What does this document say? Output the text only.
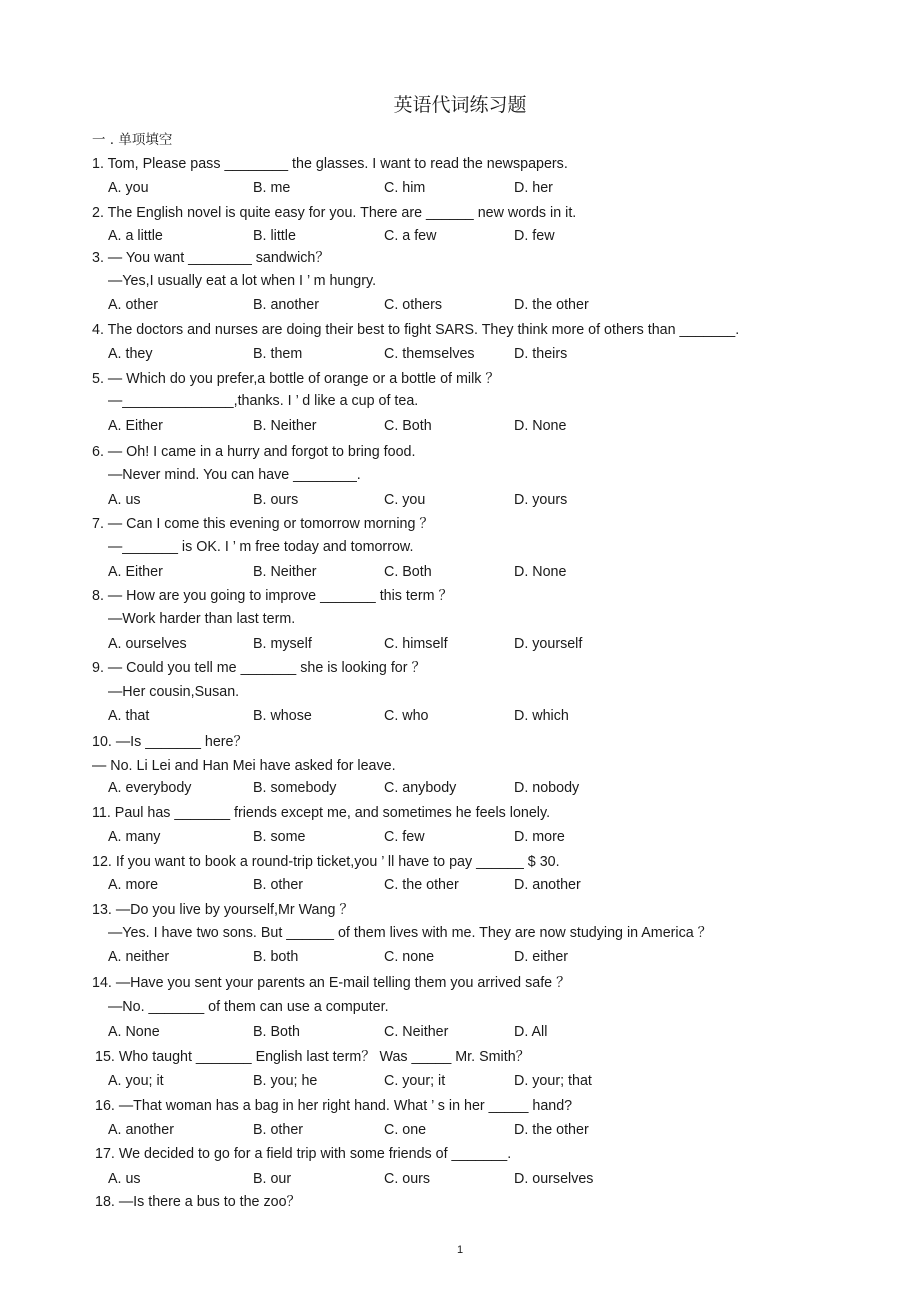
英语代词练习题
一 . 单项填空
1. Tom, Please pass ________ the glasses. I want to read the newspapers.
A. you	B. me	C. him	D. her
2. The English novel is quite easy for you. There are ______ new words in it.
A. a little	B. little	C. a few	D. few
3. — You want ________ sandwich？
—Yes,I usually eat a lot when I ’ m hungry.
A. other	B. another	C. others	D. the other
4. The doctors and nurses are doing their best to fight SARS. They think more of others than _______.
A. they	B. them	C. themselves	D. theirs
5. — Which do you prefer,a bottle of orange or a bottle of milk ？
—______________,thanks. I ’ d like a cup of tea.
A. Either	B. Neither	C. Both	D. None
6. — Oh! I came in a hurry and forgot to bring food.
—Never mind. You can have ________.
A. us	B. ours	C. you	D. yours
7. — Can I come this evening or tomorrow morning ？
—_______ is OK. I ’ m free today and tomorrow.
A. Either	B. Neither	C. Both	D. None
8. — How are you going to improve _______ this term ？
—Work harder than last term.
A. ourselves	B. myself	C. himself	D. yourself
9. — Could you tell me _______ she is looking for ？
—Her cousin,Susan.
A. that	B. whose	C. who	D. which
10. —Is _______ here？
— No. Li Lei and Han Mei have asked for leave.
A. everybody	B. somebody	C. anybody	D. nobody
11. Paul has _______ friends except me, and sometimes he feels lonely.
A. many	B. some	C. few	D. more
12. If you want to book a round-trip ticket,you ’ ll have to pay ______ $ 30.
A. more	B. other	C. the other	D. another
13. —Do you live by yourself,Mr Wang ？
—Yes. I have two sons. But ______ of them lives with me. They are now studying in America ？
A. neither	B. both	C. none	D. either
14. —Have you sent your parents an E-mail telling them you arrived safe ？
—No. _______ of them can use a computer.
A. None	B. Both	C. Neither	D. All
15. Who taught _______ English last term？ Was _____ Mr. Smith？
A. you; it	B. you; he	C. your; it	D. your; that
16. —That woman has a bag in her right hand. What ’ s in her _____ hand?
A. another	B. other	C. one	D. the other
17. We decided to go for a field trip with some friends of _______.
A. us	B. our	C. ours	D. ourselves
18. —Is there a bus to the zoo？
1
